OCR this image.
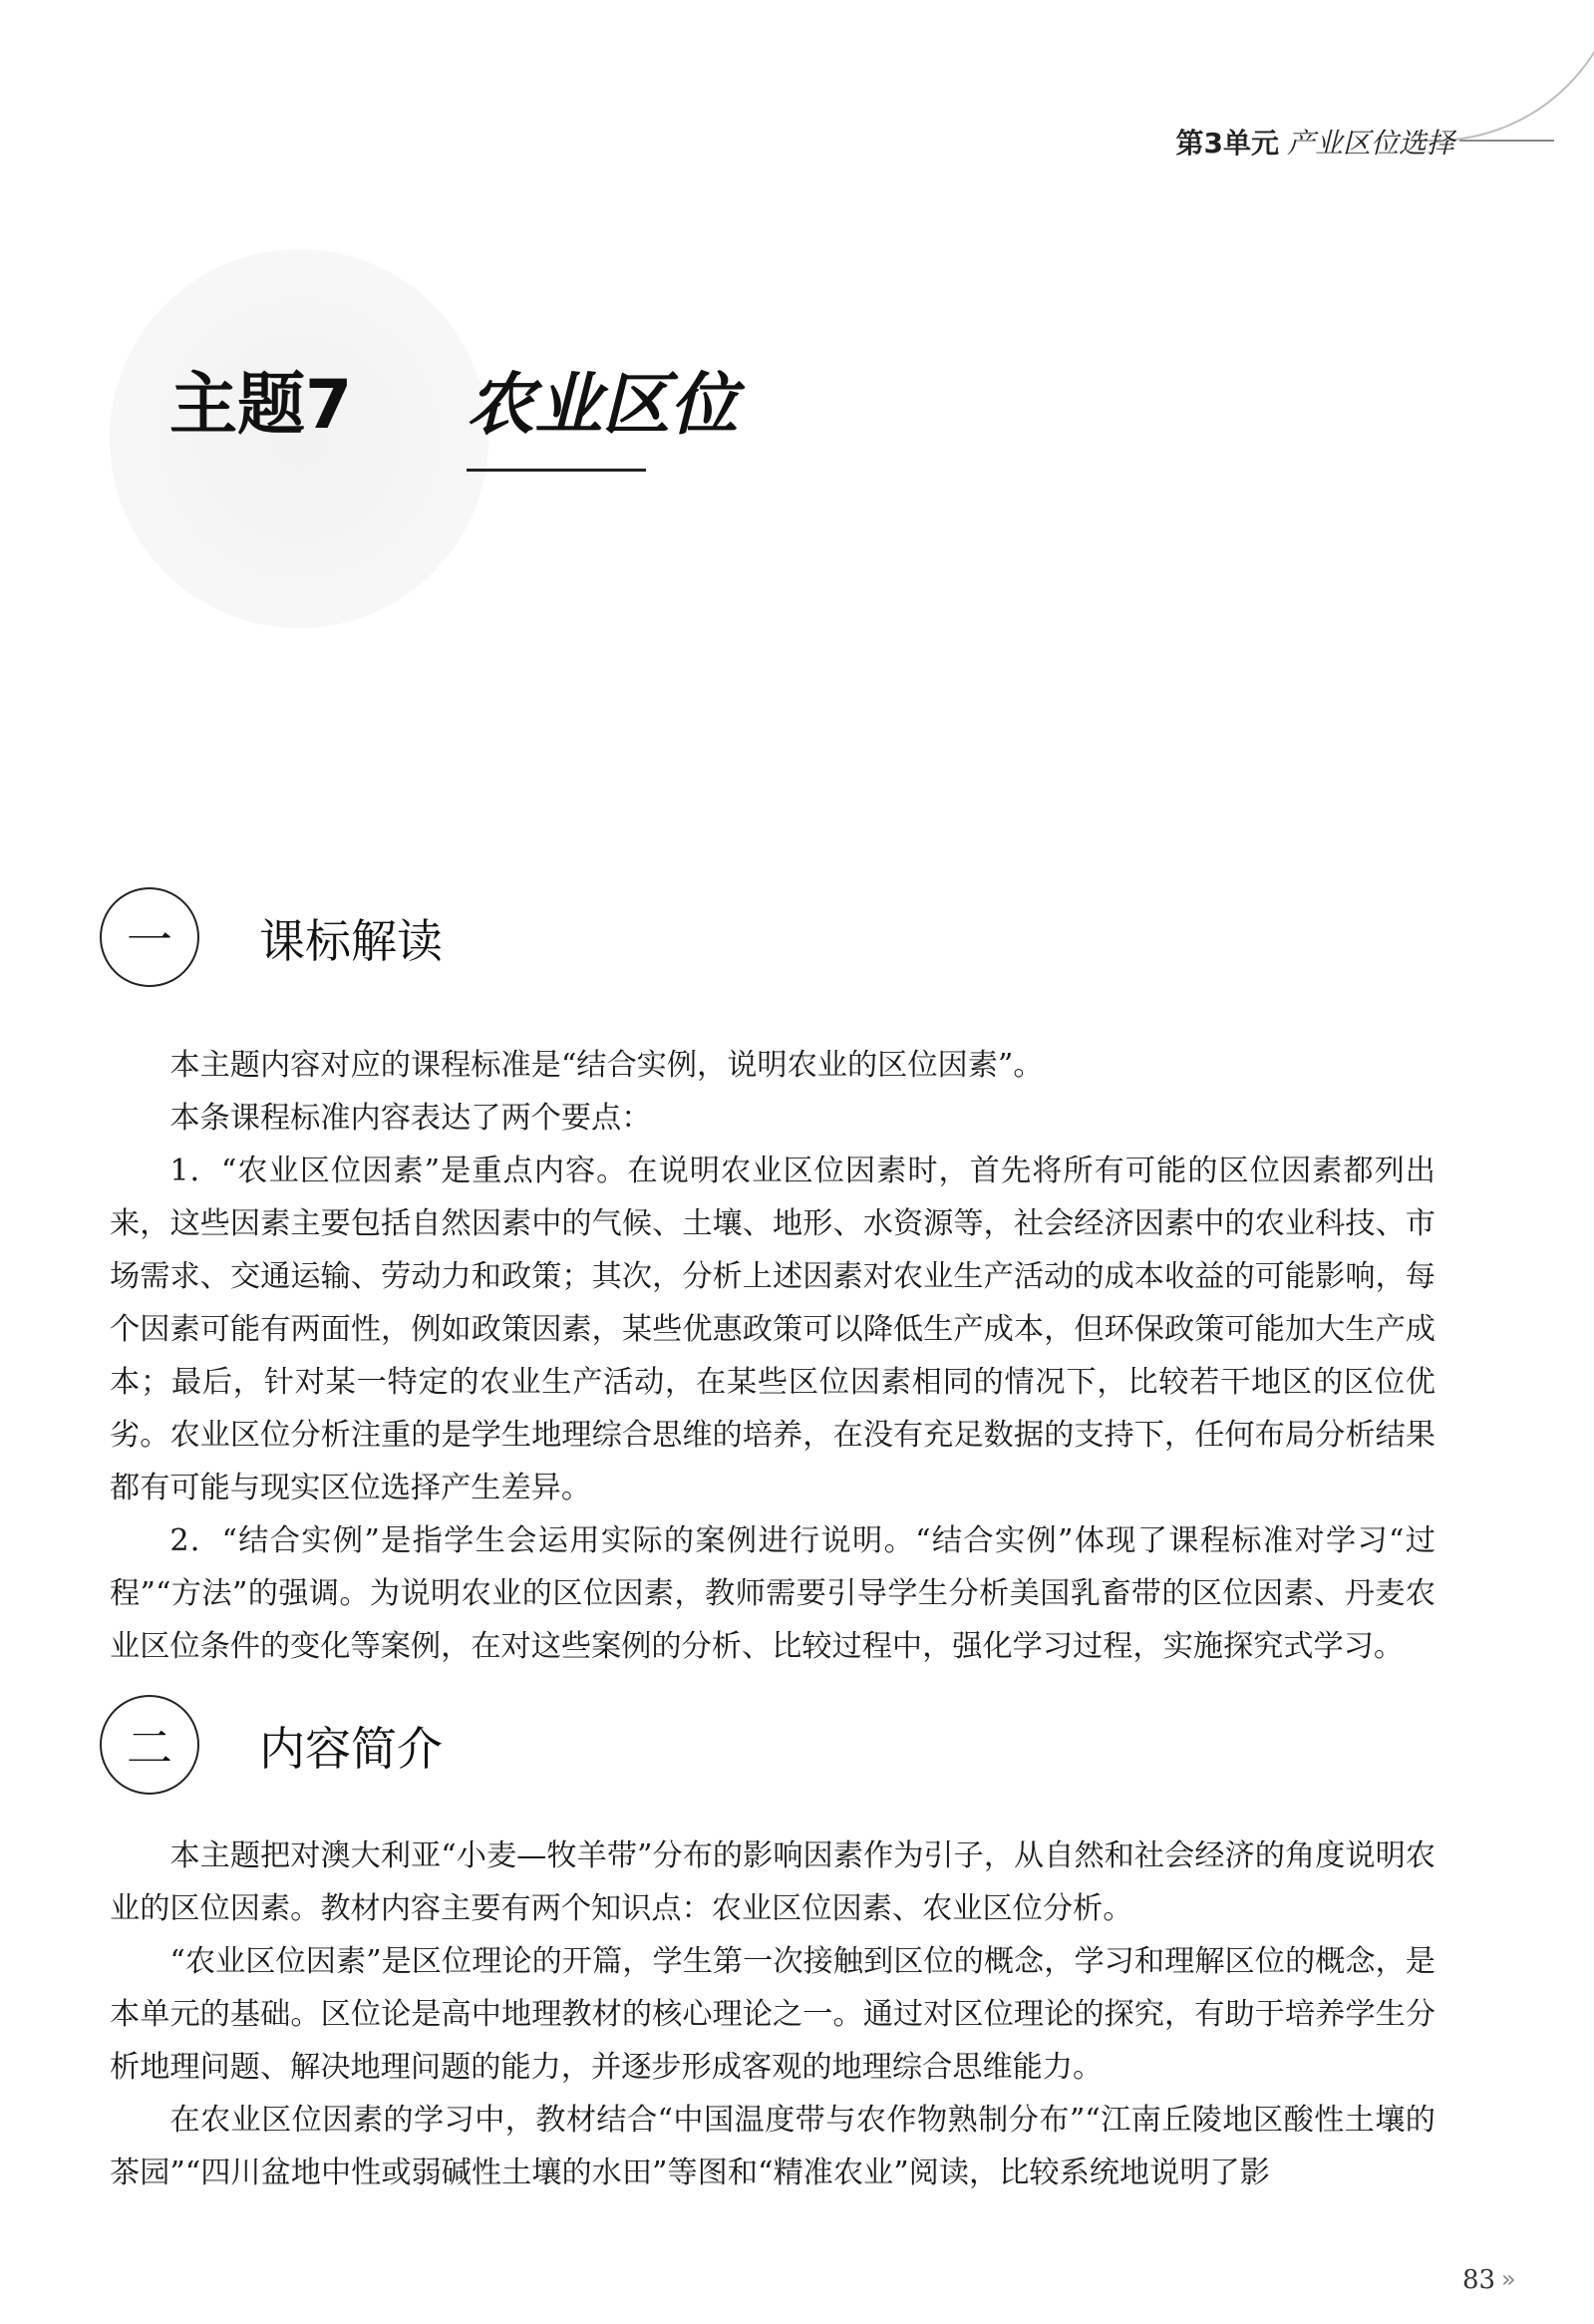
第3单元 产业区位选择
主题7 农业区位
一	课标解读

本主题内容对应的课程标准是“结合实例，说明农业的区位因素”。

本条课程标准内容表达了两个要点：

1．“农业区位因素”是重点内容。在说明农业区位因素时，首先将所有可能的区位因素都列出来，这些因素主要包括自然因素中的气候、土壤、地形、水资源等，社会经济因素中的农业科技、市场需求、交通运输、劳动力和政策；其次，分析上述因素对农业生产活动的成本收益的可能影响，每个因素可能有两面性，例如政策因素，某些优惠政策可以降低生产成本，但环保政策可能加大生产成本；最后，针对某一特定的农业生产活动，在某些区位因素相同的情况下，比较若干地区的区位优劣。农业区位分析注重的是学生地理综合思维的培养，在没有充足数据的支持下，任何布局分析结果都有可能与现实区位选择产生差异。

2．“结合实例”是指学生会运用实际的案例进行说明。“结合实例”体现了课程标准对学习“过程”“方法”的强调。为说明农业的区位因素，教师需要引导学生分析美国乳畜带的区位因素、丹麦农业区位条件的变化等案例，在对这些案例的分析、比较过程中，强化学习过程，实施探究式学习。

二	内容简介

本主题把对澳大利亚“小麦—牧羊带”分布的影响因素作为引子，从自然和社会经济的角度说明农业的区位因素。教材内容主要有两个知识点：农业区位因素、农业区位分析。

“农业区位因素”是区位理论的开篇，学生第一次接触到区位的概念，学习和理解区位的概念，是本单元的基础。区位论是高中地理教材的核心理论之一。通过对区位理论的探究，有助于培养学生分析地理问题、解决地理问题的能力，并逐步形成客观的地理综合思维能力。

在农业区位因素的学习中，教材结合“中国温度带与农作物熟制分布”“江南丘陵地区酸性土壤的茶园”“四川盆地中性或弱碱性土壤的水田”等图和“精准农业”阅读，比较系统地说明了影

83 »
